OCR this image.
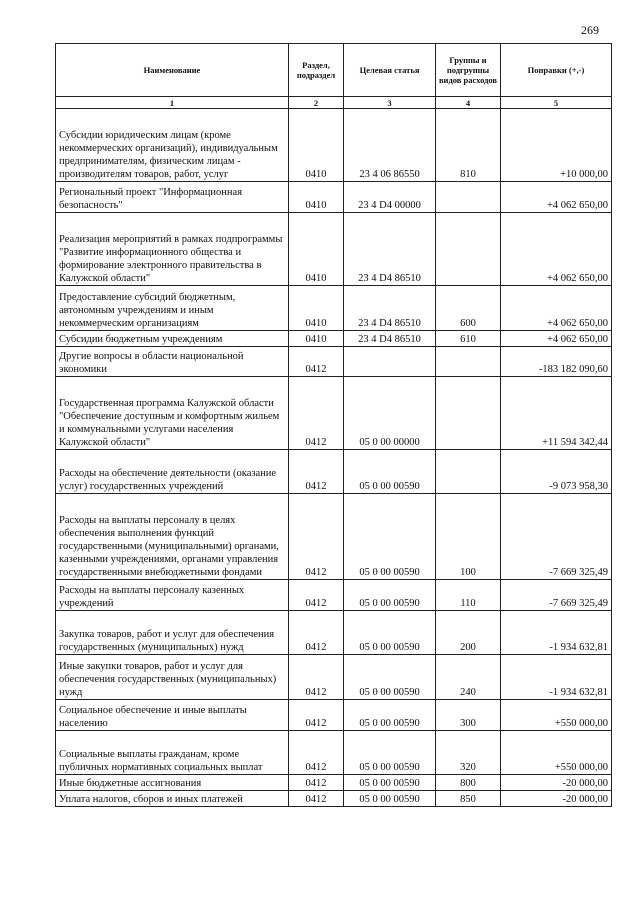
269
Наименование	Раздел, подраздел	Целевая статья	Группы и подгруппы видов расходов	Поправки (+,-)
1	2	3	4	5
Субсидии юридическим лицам (кроме некоммерческих организаций), индивидуальным предпринимателям, физическим лицам - производителям товаров, работ, услуг	0410	23 4 06 86550	810	+10 000,00
Региональный проект "Информационная безопасность"	0410	23 4 D4 00000		+4 062 650,00
Реализация мероприятий в рамках подпрограммы "Развитие информационного общества и формирование электронного правительства в Калужской области"	0410	23 4 D4 86510		+4 062 650,00
Предоставление субсидий бюджетным, автономным учреждениям и иным некоммерческим организациям	0410	23 4 D4 86510	600	+4 062 650,00
Субсидии бюджетным учреждениям	0410	23 4 D4 86510	610	+4 062 650,00
Другие вопросы в области национальной экономики	0412			-183 182 090,60
Государственная программа Калужской области "Обеспечение доступным и комфортным жильем и коммунальными услугами населения Калужской области"	0412	05 0 00 00000		+11 594 342,44
Расходы на обеспечение деятельности (оказание услуг) государственных учреждений	0412	05 0 00 00590		-9 073 958,30
Расходы на выплаты персоналу в целях обеспечения выполнения функций государственными (муниципальными) органами, казенными учреждениями, органами управления государственными внебюджетными фондами	0412	05 0 00 00590	100	-7 669 325,49
Расходы на выплаты персоналу казенных учреждений	0412	05 0 00 00590	110	-7 669 325,49
Закупка товаров, работ и услуг для обеспечения государственных (муниципальных) нужд	0412	05 0 00 00590	200	-1 934 632,81
Иные закупки товаров, работ и услуг для обеспечения государственных (муниципальных) нужд	0412	05 0 00 00590	240	-1 934 632,81
Социальное обеспечение и иные выплаты населению	0412	05 0 00 00590	300	+550 000,00
Социальные выплаты гражданам, кроме публичных нормативных социальных выплат	0412	05 0 00 00590	320	+550 000,00
Иные бюджетные ассигнования	0412	05 0 00 00590	800	-20 000,00
Уплата налогов, сборов и иных платежей	0412	05 0 00 00590	850	-20 000,00
